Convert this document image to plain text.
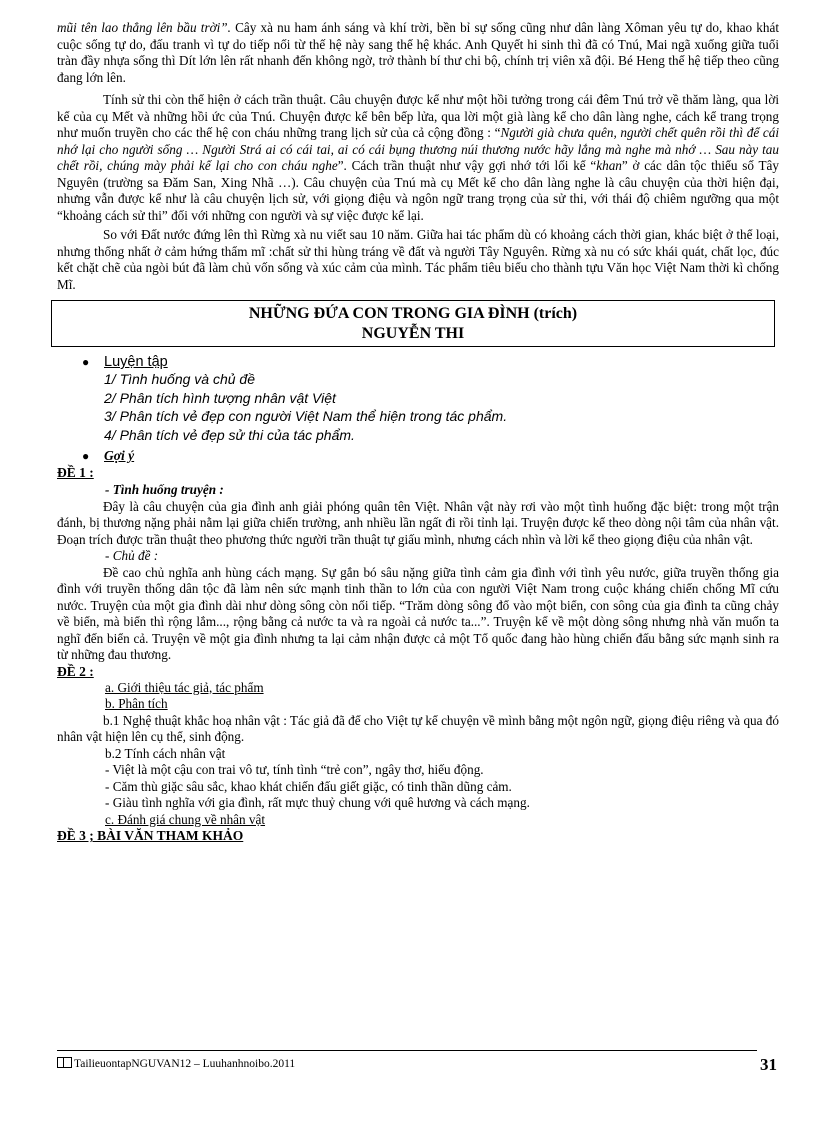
mũi tên lao thẳng lên bầu trời”. Cây xà nu ham ánh sáng và khí trời, bền bỉ sự sống cũng như dân làng Xôman yêu tự do, khao khát cuộc sống tự do, đấu tranh vì tự do tiếp nối từ thế hệ này sang thế hệ khác. Anh Quyết hi sinh thì đã có Tnú, Mai ngã xuống giữa tuổi tràn đầy nhựa sống thì Dít lớn lên rất nhanh đến không ngờ, trở thành bí thư chi bộ, chính trị viên xã đội. Bé Heng thế hệ tiếp theo cũng đang lớn lên.

Tính sử thi còn thể hiện ở cách trần thuật. Câu chuyện được kể như một hồi tưởng trong cái đêm Tnú trở về thăm làng, qua lời kể của cụ Mết và những hồi ức của Tnú. Chuyện được kể bên bếp lửa, qua lời một già làng kể cho dân làng nghe, cách kể trang trọng như muốn truyền cho các thế hệ con cháu những trang lịch sử của cả cộng đồng : “Người già chưa quên, người chết quên rồi thì để cái nhớ lại cho người sống … Người Strá ai có cái tai, ai có cái bụng thương núi thương nước hãy lắng mà nghe mà nhớ … Sau này tau chết rồi, chúng mày phải kể lại cho con cháu nghe”. Cách trần thuật như vậy gợi nhớ tới lối kể “khan” ở các dân tộc thiểu số Tây Nguyên (trường sa Đăm San, Xing Nhã …). Câu chuyện của Tnú mà cụ Mết kể cho dân làng nghe là câu chuyện của thời hiện đại, nhưng vẫn được kể như là câu chuyện lịch sử, với giọng điệu và ngôn ngữ trang trọng của sử thi, với thái độ chiêm ngưỡng qua một “khoảng cách sử thi” đối với những con người và sự việc được kể lại.

So với Đất nước đứng lên thì Rừng xà nu viết sau 10 năm. Giữa hai tác phẩm dù có khoảng cách thời gian, khác biệt ở thể loại, nhưng thống nhất ở cảm hứng thẩm mĩ :chất sử thi hùng tráng về đất và người Tây Nguyên. Rừng xà nu có sức khái quát, chất lọc, đúc kết chặt chẽ của ngòi bút đã làm chủ vốn sống và xúc cảm của mình. Tác phẩm tiêu biểu cho thành tựu Văn học Việt Nam thời kì chống Mĩ.

NHỮNG ĐỨA CON TRONG GIA ĐÌNH (trích)
NGUYỄN THI
● Luyện tập
1/ Tình huống và chủ đề
2/ Phân tích hình tượng nhân vật Việt
3/ Phân tích vẻ đẹp con người Việt Nam thể hiện trong tác phẩm.
4/ Phân tích vẻ đẹp sử thi của tác phẩm.
● Gợi ý
ĐỀ 1 :

- Tình huống truyện :

Đây là câu chuyện của gia đình anh giải phóng quân tên Việt. Nhân vật này rơi vào một tình huống đặc biệt: trong một trận đánh, bị thương nặng phải nằm lại giữa chiến trường, anh nhiều lần ngất đi rồi tỉnh lại. Truyện được kể theo dòng nội tâm của nhân vật. Đoạn trích được trần thuật theo phương thức người trần thuật tự giấu mình, nhưng cách nhìn và lời kể theo giọng điệu của nhân vật.

- Chủ đề :

Đề cao chủ nghĩa anh hùng cách mạng. Sự gắn bó sâu nặng giữa tình cảm gia đình với tình yêu nước, giữa truyền thống gia đình với truyền thống dân tộc đã làm nên sức mạnh tinh thần to lớn của con người Việt Nam trong cuộc kháng chiến chống Mĩ cứu nước. Truyện của một gia đình dài như dòng sông còn nối tiếp. “Trăm dòng sông đổ vào một biển, con sông của gia đình ta cũng chảy về biển, mà biển thì rộng lắm..., rộng bằng cả nước ta và ra ngoài cả nước ta...”. Truyện kể về một dòng sông nhưng nhà văn muốn ta nghĩ đến biển cả. Truyện về một gia đình nhưng ta lại cảm nhận được cả một Tổ quốc đang hào hùng chiến đấu bằng sức mạnh sinh ra từ những đau thương.

ĐỀ 2 :

a. Giới thiệu tác giả, tác phẩm

b. Phân tích

b.1 Nghệ thuật khắc hoạ nhân vật : Tác giả đã để cho Việt tự kể chuyện về mình bằng một ngôn ngữ, giọng điệu riêng và qua đó nhân vật hiện lên cụ thể, sinh động.

b.2 Tính cách nhân vật

- Việt là một cậu con trai vô tư, tính tình “trẻ con”, ngây thơ, hiếu động.

- Căm thù giặc sâu sắc, khao khát chiến đấu giết giặc, có tinh thần dũng cảm.

- Giàu tình nghĩa với gia đình, rất mực thuỷ chung với quê hương và cách mạng.

c. Đánh giá chung về nhân vật

ĐỀ 3 ; BÀI VĂN THAM KHẢO
TailieuontapNGUVAN12 – Luuhanhnoibo.2011	31
